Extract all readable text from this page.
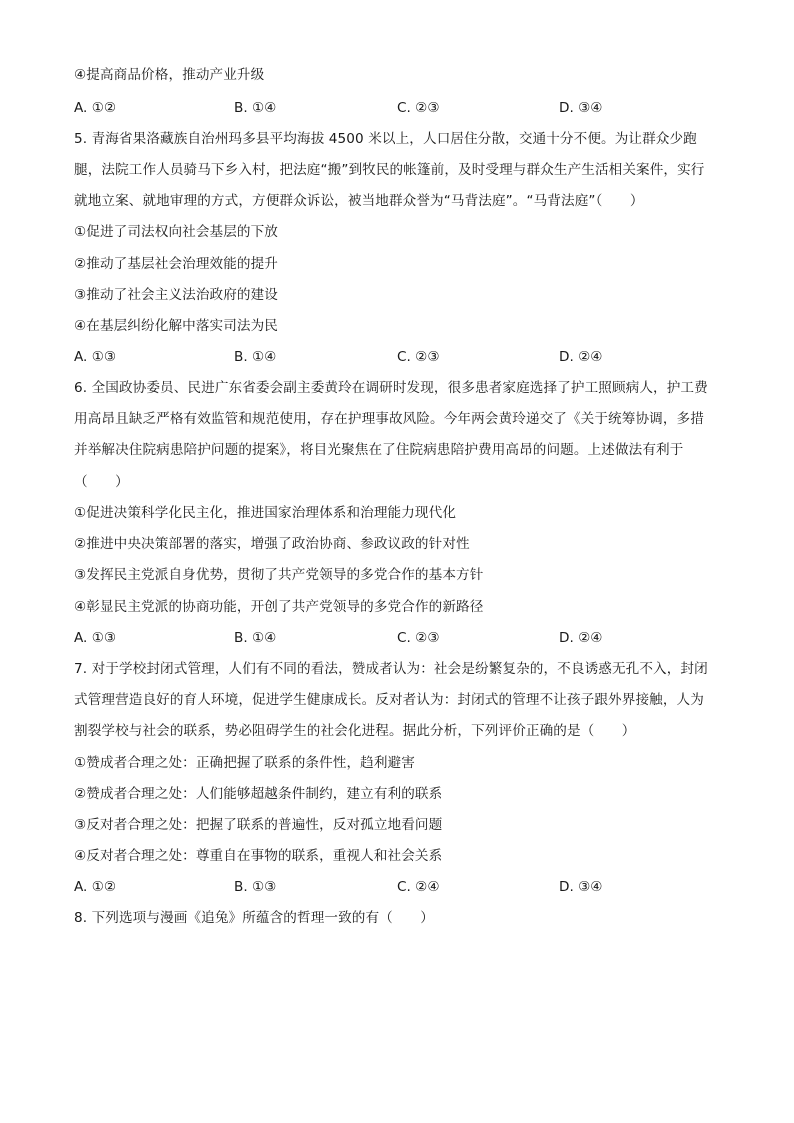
④提高商品价格，推动产业升级
A. ①②	B. ①④	C. ②③	D. ③④
5. 青海省果洛藏族自治州玛多县平均海拔 4500 米以上，人口居住分散，交通十分不便。为让群众少跑
腿，法院工作人员骑马下乡入村，把法庭“搬”到牧民的帐篷前，及时受理与群众生产生活相关案件，实行
就地立案、就地审理的方式，方便群众诉讼，被当地群众誉为“马背法庭”。“马背法庭”（　　）
①促进了司法权向社会基层的下放
②推动了基层社会治理效能的提升
③推动了社会主义法治政府的建设
④在基层纠纷化解中落实司法为民
A. ①③	B. ①④	C. ②③	D. ②④
6. 全国政协委员、民进广东省委会副主委黄玲在调研时发现，很多患者家庭选择了护工照顾病人，护工费
用高昂且缺乏严格有效监管和规范使用，存在护理事故风险。今年两会黄玲递交了《关于统筹协调，多措
并举解决住院病患陪护问题的提案》，将目光聚焦在了住院病患陪护费用高昂的问题。上述做法有利于
（　　）
①促进决策科学化民主化，推进国家治理体系和治理能力现代化
②推进中央决策部署的落实，增强了政治协商、参政议政的针对性
③发挥民主党派自身优势，贯彻了共产党领导的多党合作的基本方针
④彰显民主党派的协商功能，开创了共产党领导的多党合作的新路径
A. ①③	B. ①④	C. ②③	D. ②④
7. 对于学校封闭式管理，人们有不同的看法，赞成者认为：社会是纷繁复杂的，不良诱惑无孔不入，封闭
式管理营造良好的育人环境，促进学生健康成长。反对者认为：封闭式的管理不让孩子跟外界接触，人为
割裂学校与社会的联系，势必阻碍学生的社会化进程。据此分析，下列评价正确的是（　　）
①赞成者合理之处：正确把握了联系的条件性，趋利避害
②赞成者合理之处：人们能够超越条件制约，建立有利的联系
③反对者合理之处：把握了联系的普遍性，反对孤立地看问题
④反对者合理之处：尊重自在事物的联系，重视人和社会关系
A. ①②	B. ①③	C. ②④	D. ③④
8. 下列选项与漫画《追兔》所蕴含的哲理一致的有（　　）
